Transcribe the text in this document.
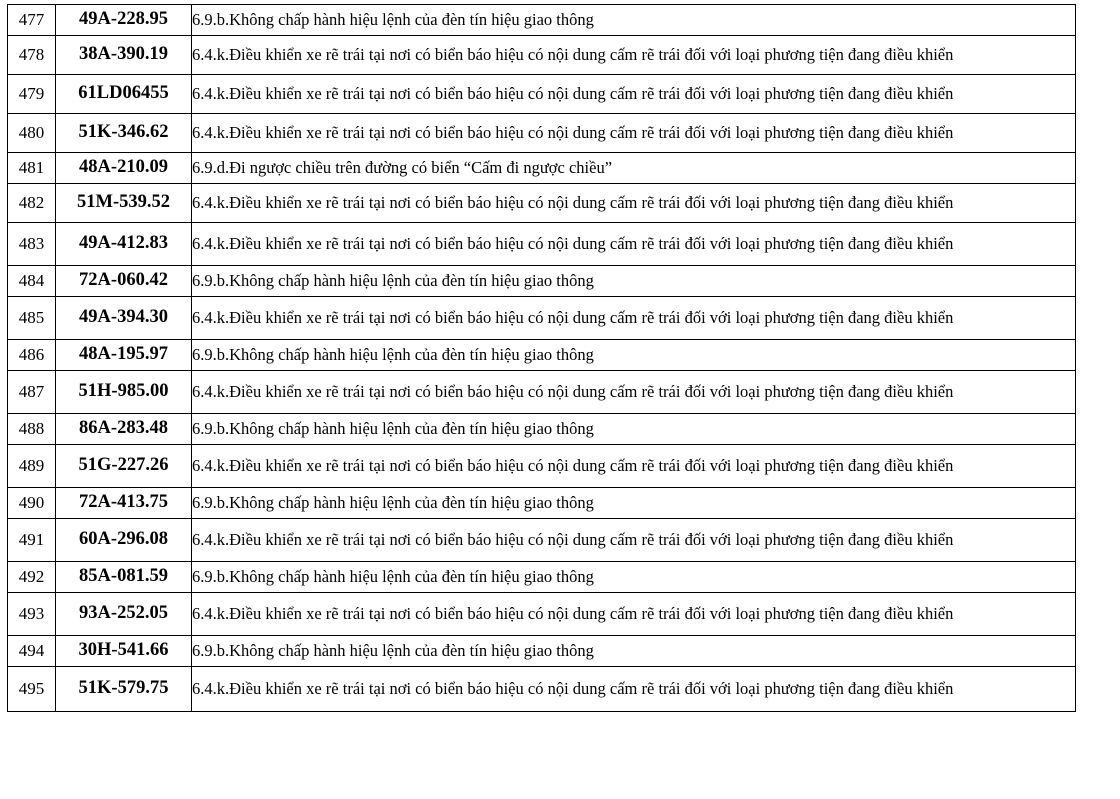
477	49A-228.95	6.9.b.Không chấp hành hiệu lệnh của đèn tín hiệu giao thông

478	38A-390.19	6.4.k.Điều khiển xe rẽ trái tại nơi có biển báo hiệu có nội dung cấm rẽ trái đối với loại phương tiện đang điều khiển

479	61LD06455	6.4.k.Điều khiển xe rẽ trái tại nơi có biển báo hiệu có nội dung cấm rẽ trái đối với loại phương tiện đang điều khiển

480	51K-346.62	6.4.k.Điều khiển xe rẽ trái tại nơi có biển báo hiệu có nội dung cấm rẽ trái đối với loại phương tiện đang điều khiển

481	48A-210.09	6.9.d.Đi ngược chiều trên đường có biển “Cấm đi ngược chiều”

482	51M-539.52	6.4.k.Điều khiển xe rẽ trái tại nơi có biển báo hiệu có nội dung cấm rẽ trái đối với loại phương tiện đang điều khiển

483	49A-412.83	6.4.k.Điều khiển xe rẽ trái tại nơi có biển báo hiệu có nội dung cấm rẽ trái đối với loại phương tiện đang điều khiển

484	72A-060.42	6.9.b.Không chấp hành hiệu lệnh của đèn tín hiệu giao thông

485	49A-394.30	6.4.k.Điều khiển xe rẽ trái tại nơi có biển báo hiệu có nội dung cấm rẽ trái đối với loại phương tiện đang điều khiển

486	48A-195.97	6.9.b.Không chấp hành hiệu lệnh của đèn tín hiệu giao thông

487	51H-985.00	6.4.k.Điều khiển xe rẽ trái tại nơi có biển báo hiệu có nội dung cấm rẽ trái đối với loại phương tiện đang điều khiển

488	86A-283.48	6.9.b.Không chấp hành hiệu lệnh của đèn tín hiệu giao thông

489	51G-227.26	6.4.k.Điều khiển xe rẽ trái tại nơi có biển báo hiệu có nội dung cấm rẽ trái đối với loại phương tiện đang điều khiển

490	72A-413.75	6.9.b.Không chấp hành hiệu lệnh của đèn tín hiệu giao thông

491	60A-296.08	6.4.k.Điều khiển xe rẽ trái tại nơi có biển báo hiệu có nội dung cấm rẽ trái đối với loại phương tiện đang điều khiển

492	85A-081.59	6.9.b.Không chấp hành hiệu lệnh của đèn tín hiệu giao thông

493	93A-252.05	6.4.k.Điều khiển xe rẽ trái tại nơi có biển báo hiệu có nội dung cấm rẽ trái đối với loại phương tiện đang điều khiển

494	30H-541.66	6.9.b.Không chấp hành hiệu lệnh của đèn tín hiệu giao thông

495	51K-579.75	6.4.k.Điều khiển xe rẽ trái tại nơi có biển báo hiệu có nội dung cấm rẽ trái đối với loại phương tiện đang điều khiển
